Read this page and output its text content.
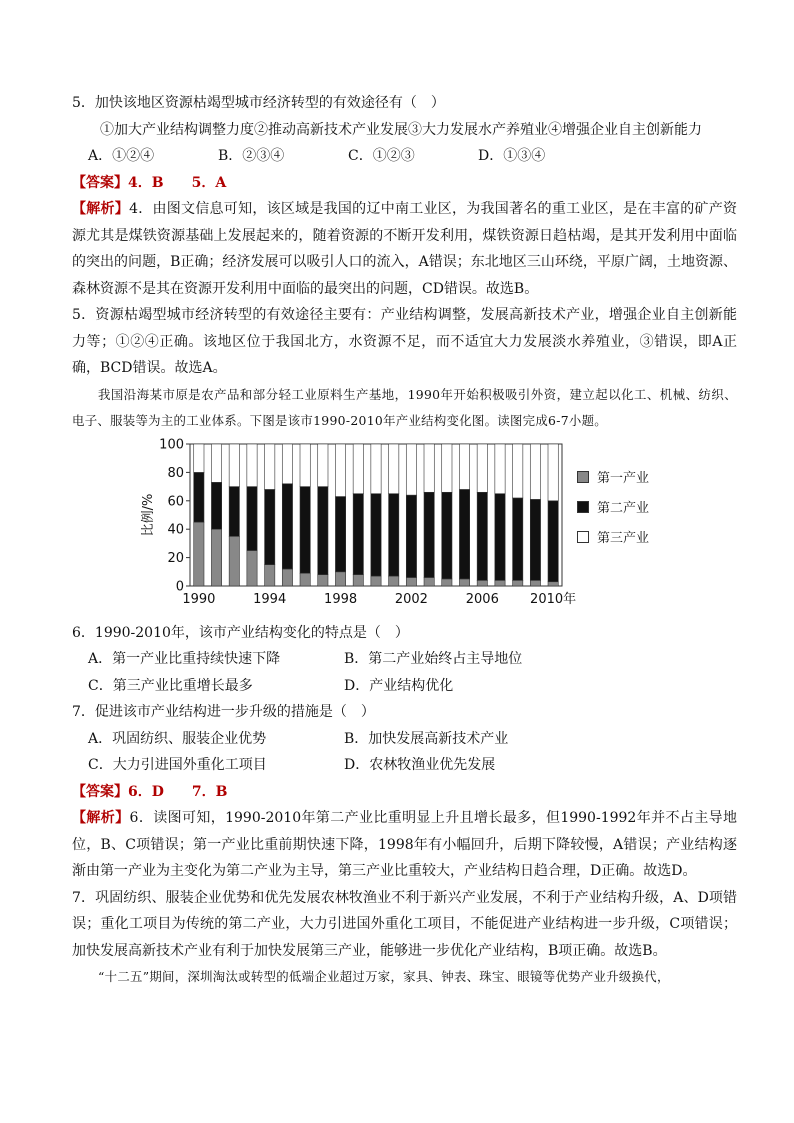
5．加快该地区资源枯竭型城市经济转型的有效途径有（　）
①加大产业结构调整力度②推动高新技术产业发展③大力发展水产养殖业④增强企业自主创新能力
A．①②④	B．②③④	C．①②③	D．①③④
【答案】4．B　　5．A
【解析】4．由图文信息可知，该区域是我国的辽中南工业区，为我国著名的重工业区，是在丰富的矿产资源尤其是煤铁资源基础上发展起来的，随着资源的不断开发利用，煤铁资源日趋枯竭，是其开发利用中面临的突出的问题，B正确；经济发展可以吸引人口的流入，A错误；东北地区三山环绕，平原广阔，土地资源、森林资源不是其在资源开发利用中面临的最突出的问题，CD错误。故选B。
5．资源枯竭型城市经济转型的有效途径主要有：产业结构调整，发展高新技术产业，增强企业自主创新能力等；①②④正确。该地区位于我国北方，水资源不足，而不适宜大力发展淡水养殖业，③错误，即A正确，BCD错误。故选A。
我国沿海某市原是农产品和部分轻工业原料生产基地，1990年开始积极吸引外资，建立起以化工、机械、纺织、电子、服装等为主的工业体系。下图是该市1990-2010年产业结构变化图。读图完成6-7小题。
0
20
40
60
80
100
1990	1994	1998	2002	2006 2010年
比例/%
第一产业
第二产业
第三产业
6．1990-2010年，该市产业结构变化的特点是（　）
A．第一产业比重持续快速下降	B．第二产业始终占主导地位
C．第三产业比重增长最多	D．产业结构优化
7．促进该市产业结构进一步升级的措施是（　）
A．巩固纺织、服装企业优势	B．加快发展高新技术产业
C．大力引进国外重化工项目	D．农林牧渔业优先发展
【答案】6．D　　7．B
【解析】6．读图可知，1990-2010年第二产业比重明显上升且增长最多，但1990-1992年并不占主导地位，B、C项错误；第一产业比重前期快速下降，1998年有小幅回升，后期下降较慢，A错误；产业结构逐渐由第一产业为主变化为第二产业为主导，第三产业比重较大，产业结构日趋合理，D正确。故选D。
7．巩固纺织、服装企业优势和优先发展农林牧渔业不利于新兴产业发展，不利于产业结构升级，A、D项错误；重化工项目为传统的第二产业，大力引进国外重化工项目，不能促进产业结构进一步升级，C项错误；加快发展高新技术产业有利于加快发展第三产业，能够进一步优化产业结构，B项正确。故选B。
“十二五”期间，深圳淘汰或转型的低端企业超过万家，家具、钟表、珠宝、眼镜等优势产业升级换代，
